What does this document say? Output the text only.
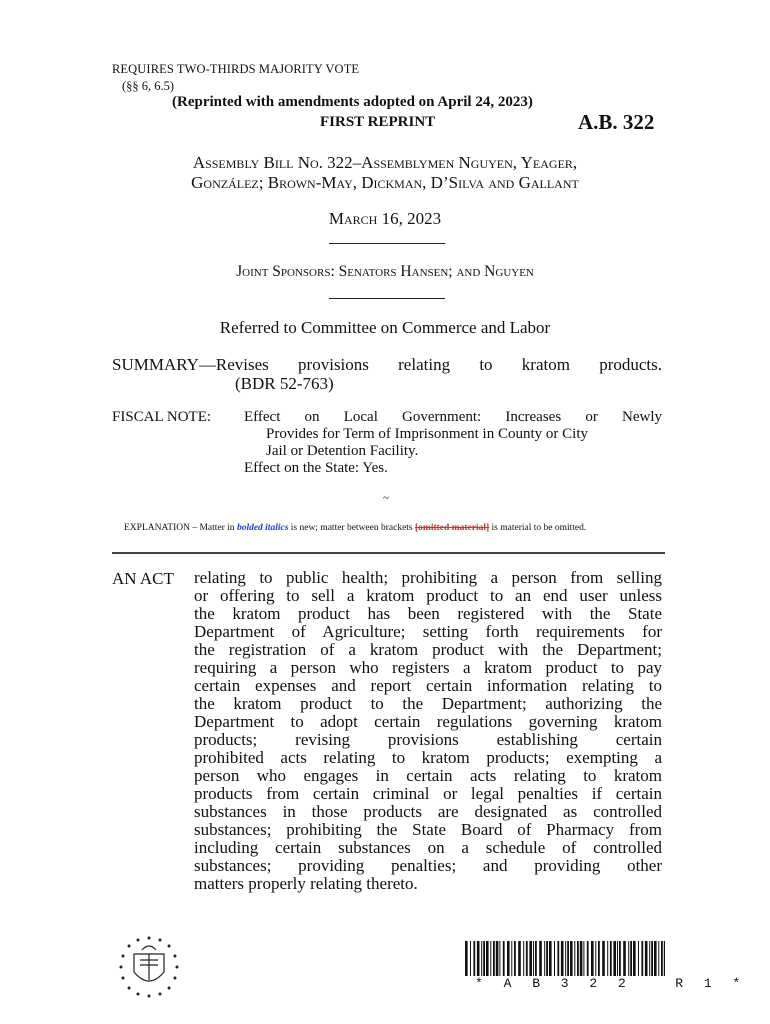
REQUIRES TWO-THIRDS MAJORITY VOTE
(§§ 6, 6.5)
(Reprinted with amendments adopted on April 24, 2023)
FIRST REPRINT	A.B. 322
Assembly Bill No. 322–Assemblymen Nguyen, Yeager,
González; Brown-May, Dickman, D’Silva and Gallant
March 16, 2023
Joint Sponsors: Senators Hansen; and Nguyen
Referred to Committee on Commerce and Labor
SUMMARY—Revises provisions relating to kratom products.
(BDR 52-763)
FISCAL NOTE: Effect on Local Government: Increases or Newly
Provides for Term of Imprisonment in County or City
Jail or Detention Facility.
Effect on the State: Yes.
~
EXPLANATION – Matter in bolded italics is new; matter between brackets [omitted material] is material to be omitted.
AN ACT relating to public health; prohibiting a person from selling
or offering to sell a kratom product to an end user unless
the kratom product has been registered with the State
Department of Agriculture; setting forth requirements for
the registration of a kratom product with the Department;
requiring a person who registers a kratom product to pay
certain expenses and report certain information relating to
the kratom product to the Department; authorizing the
Department to adopt certain regulations governing kratom
products; revising provisions establishing certain
prohibited acts relating to kratom products; exempting a
person who engages in certain acts relating to kratom
products from certain criminal or legal penalties if certain
substances in those products are designated as controlled
substances; prohibiting the State Board of Pharmacy from
including certain substances on a schedule of controlled
substances; providing penalties; and providing other
matters properly relating thereto.
* A B 3 2 2   R 1 *
